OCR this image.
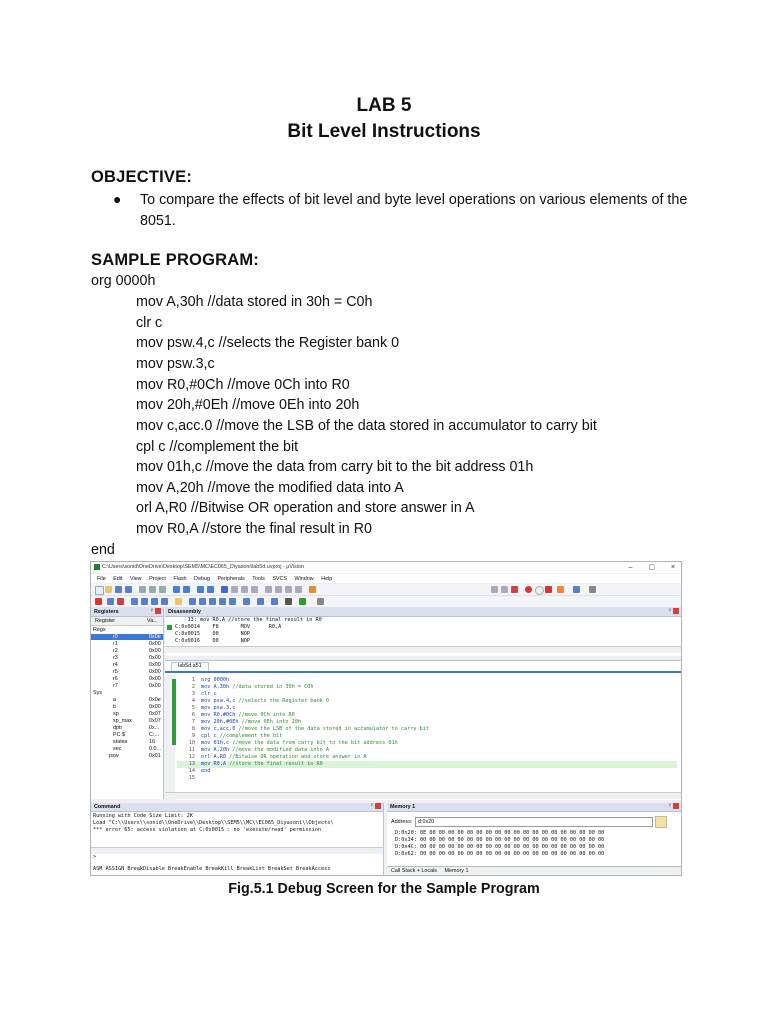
LAB 5
Bit Level Instructions
OBJECTIVE:
● To compare the effects of bit level and byte level operations on various elements of the 8051.
SAMPLE PROGRAM:
org 0000h
mov A,30h //data stored in 30h = C0h
clr c
mov psw.4,c //selects the Register bank 0
mov psw.3,c
mov R0,#0Ch //move 0Ch into R0
mov 20h,#0Eh //move 0Eh into 20h
mov c,acc.0 //move the LSB of the data stored in accumulator to carry bit
cpl c //complement the bit
mov 01h,c //move the data from carry bit to the bit address 01h
mov A,20h //move the modified data into A
orl A,R0 //Bitwise OR operation and store answer in A
mov R0,A //store the final result in R0
end
C:\Users\sonid\OneDrive\Desktop\SEM5\MC\EC065_Diyasoni\lab5d.uvproj - µVision	– ▢ ×
File Edit View Project Flash Debug Peripherals Tools SVCS Window Help
Registers	ᵖ
Register	Va...
Regs
r0	0x0e
r1	0x00
r2	0x00
r3	0x00
r4	0x00
r5	0x00
r6	0x00
r7	0x00
Sys
a	0x0e
b	0x00
sp	0x07
sp_max	0x07
dptr	0x...
PC $	C:...
states	16
sec	0.0...
psw	0x01
Disassembly	ᵖ
13: mov R0,A //store the final result in R0
C:0x0014    F8       MOV      R0,A
C:0x0015    00       NOP
C:0x0016    00       NOP
lab5d.a51
1 org 0000h
2 mov A,30h //data stored in 30h = C0h
3 clr c
4 mov psw.4,c //selects the Register bank 0
5 mov psw.3,c
6 mov R0,#0Ch //move 0Ch into R0
7 mov 20h,#0Eh //move 0Eh into 20h
8 mov c,acc.0 //move the LSB of the data stored in accumulator to carry bit
9 cpl c //complement the bit
10 mov 01h,c //move the data from carry bit to the bit address 01h
11 mov A,20h //move the modified data into A
12 orl A,R0 //Bitwise OR operation and store answer in A
13 mov R0,A //store the final result in R0
14 end
15
Command	ᵖ
Running with Code Size Limit: 2K
Load "C:\\Users\\sonid\\OneDrive\\Desktop\\SEM5\\MC\\EC065_Diyasoni\\Objects\
*** error 65: access violation at C:0x0015 : no 'execute/read' permission
>
ASM ASSIGN BreakDisable BreakEnable BreakKill BreakList BreakSet BreakAccess
Memory 1	ᵖ
Address:	d:0x20
D:0x20: 0E 00 00 00 00 00 00 00 00 00 00 00 00 00 00 00 00 00 00 00
D:0x34: 00 00 00 00 00 00 00 00 00 00 00 00 00 00 00 00 00 00 00 00
D:0x4C: 00 00 00 00 00 00 00 00 00 00 00 00 00 00 00 00 00 00 00 00
D:0x62: 00 00 00 00 00 00 00 00 00 00 00 00 00 00 00 00 00 00 00 00
Call Stack + Locals Memory 1
Fig.5.1 Debug Screen for the Sample Program
